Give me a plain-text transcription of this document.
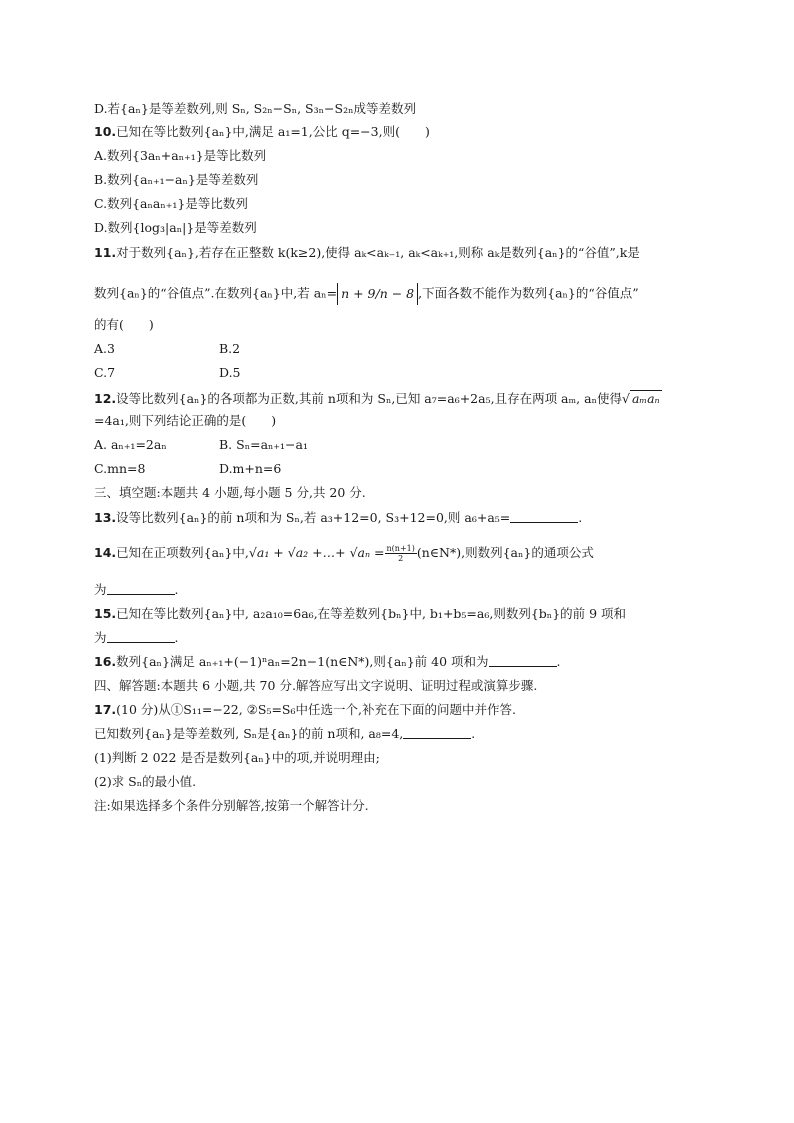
D.若{aₙ}是等差数列,则 Sₙ, S₂ₙ−Sₙ, S₃ₙ−S₂ₙ成等差数列
10.已知在等比数列{aₙ}中,满足 a₁=1,公比 q=−3,则(　　)
A.数列{3aₙ+aₙ₊₁}是等比数列
B.数列{aₙ₊₁−aₙ}是等差数列
C.数列{aₙaₙ₊₁}是等比数列
D.数列{log₃|aₙ|}是等差数列
11.对于数列{aₙ},若存在正整数 k(k≥2),使得 aₖ<aₖ₋₁, aₖ<aₖ₊₁,则称 aₖ是数列{aₙ}的“谷值”,k是
数列{aₙ}的“谷值点”.在数列{aₙ}中,若 aₙ= n + 9/n − 8 ,下面各数不能作为数列{aₙ}的“谷值点”
的有(　　)
A.3	B.2
C.7	D.5
12.设等比数列{aₙ}的各项都为正数,其前 n项和为 Sₙ,已知 a₇=a₆+2a₅,且存在两项 aₘ, aₙ使得√ aₘaₙ
=4a₁,则下列结论正确的是(　　)
A. aₙ₊₁=2aₙ	B. Sₙ=aₙ₊₁−a₁
C.mn=8	D.m+n=6
三、填空题:本题共 4 小题,每小题 5 分,共 20 分.
13.设等比数列{aₙ}的前 n项和为 Sₙ,若 a₃+12=0, S₃+12=0,则 a₆+a₅=	.
14.已知在正项数列{aₙ}中,√a₁ + √a₂ +…+ $√a_n = \frac{n(n+1)}{2}$ (n∈N*),则数列{aₙ}的通项公式
为	.
15.已知在等比数列{aₙ}中, a₂a₁₀=6a₆,在等差数列{bₙ}中, b₁+b₅=a₆,则数列{bₙ}的前 9 项和
为	.
16.数列{aₙ}满足 aₙ₊₁+(−1)ⁿaₙ=2n−1(n∈N*),则{aₙ}前 40 项和为	.
四、解答题:本题共 6 小题,共 70 分.解答应写出文字说明、证明过程或演算步骤.
17.(10 分)从①S₁₁=−22, ②S₅=S₆中任选一个,补充在下面的问题中并作答.
已知数列{aₙ}是等差数列, Sₙ是{aₙ}的前 n项和, a₈=4,	.
(1)判断 2 022 是否是数列{aₙ}中的项,并说明理由;
(2)求 Sₙ的最小值.
注:如果选择多个条件分别解答,按第一个解答计分.
